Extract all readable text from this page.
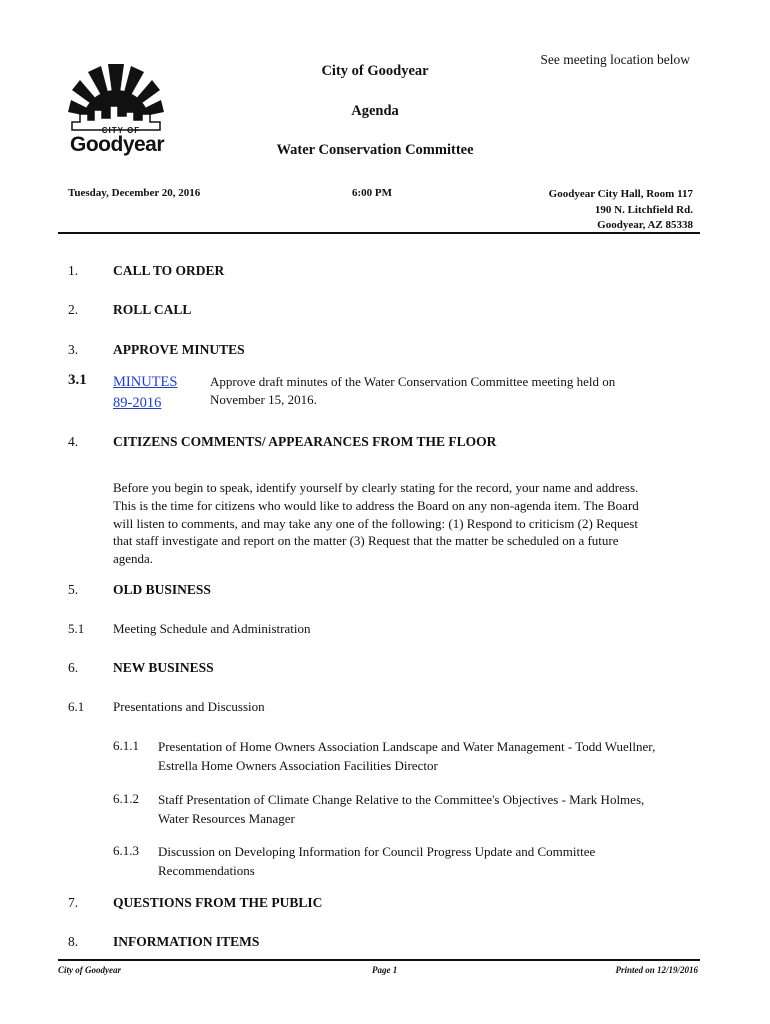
CITY OF
Goodyear
See meeting location below
City of Goodyear
Agenda
Water Conservation Committee
Tuesday, December 20, 2016	6:00 PM	Goodyear City Hall, Room 117
190 N. Litchfield Rd.
Goodyear, AZ 85338
1.	CALL TO ORDER
2.	ROLL CALL
3.	APPROVE MINUTES
3.1 MINUTES
89-2016
Approve draft minutes of the Water Conservation Committee meeting held on November 15, 2016.
4.	CITIZENS COMMENTS/ APPEARANCES FROM THE FLOOR
Before you begin to speak, identify yourself by clearly stating for the record, your name and address. This is the time for citizens who would like to address the Board on any non-agenda item. The Board will listen to comments, and may take any one of the following: (1) Respond to criticism (2) Request that staff investigate and report on the matter (3) Request that the matter be scheduled on a future agenda.
5.	OLD BUSINESS
5.1 Meeting Schedule and Administration
6.	NEW BUSINESS
6.1 Presentations and Discussion
6.1.1 Presentation of Home Owners Association Landscape and Water Management - Todd Wuellner, Estrella Home Owners Association Facilities Director
6.1.2 Staff Presentation of Climate Change Relative to the Committee's Objectives - Mark Holmes, Water Resources Manager
6.1.3 Discussion on Developing Information for Council Progress Update and Committee Recommendations
7.	QUESTIONS FROM THE PUBLIC
8.	INFORMATION ITEMS
City of Goodyear	Page 1	Printed on 12/19/2016
